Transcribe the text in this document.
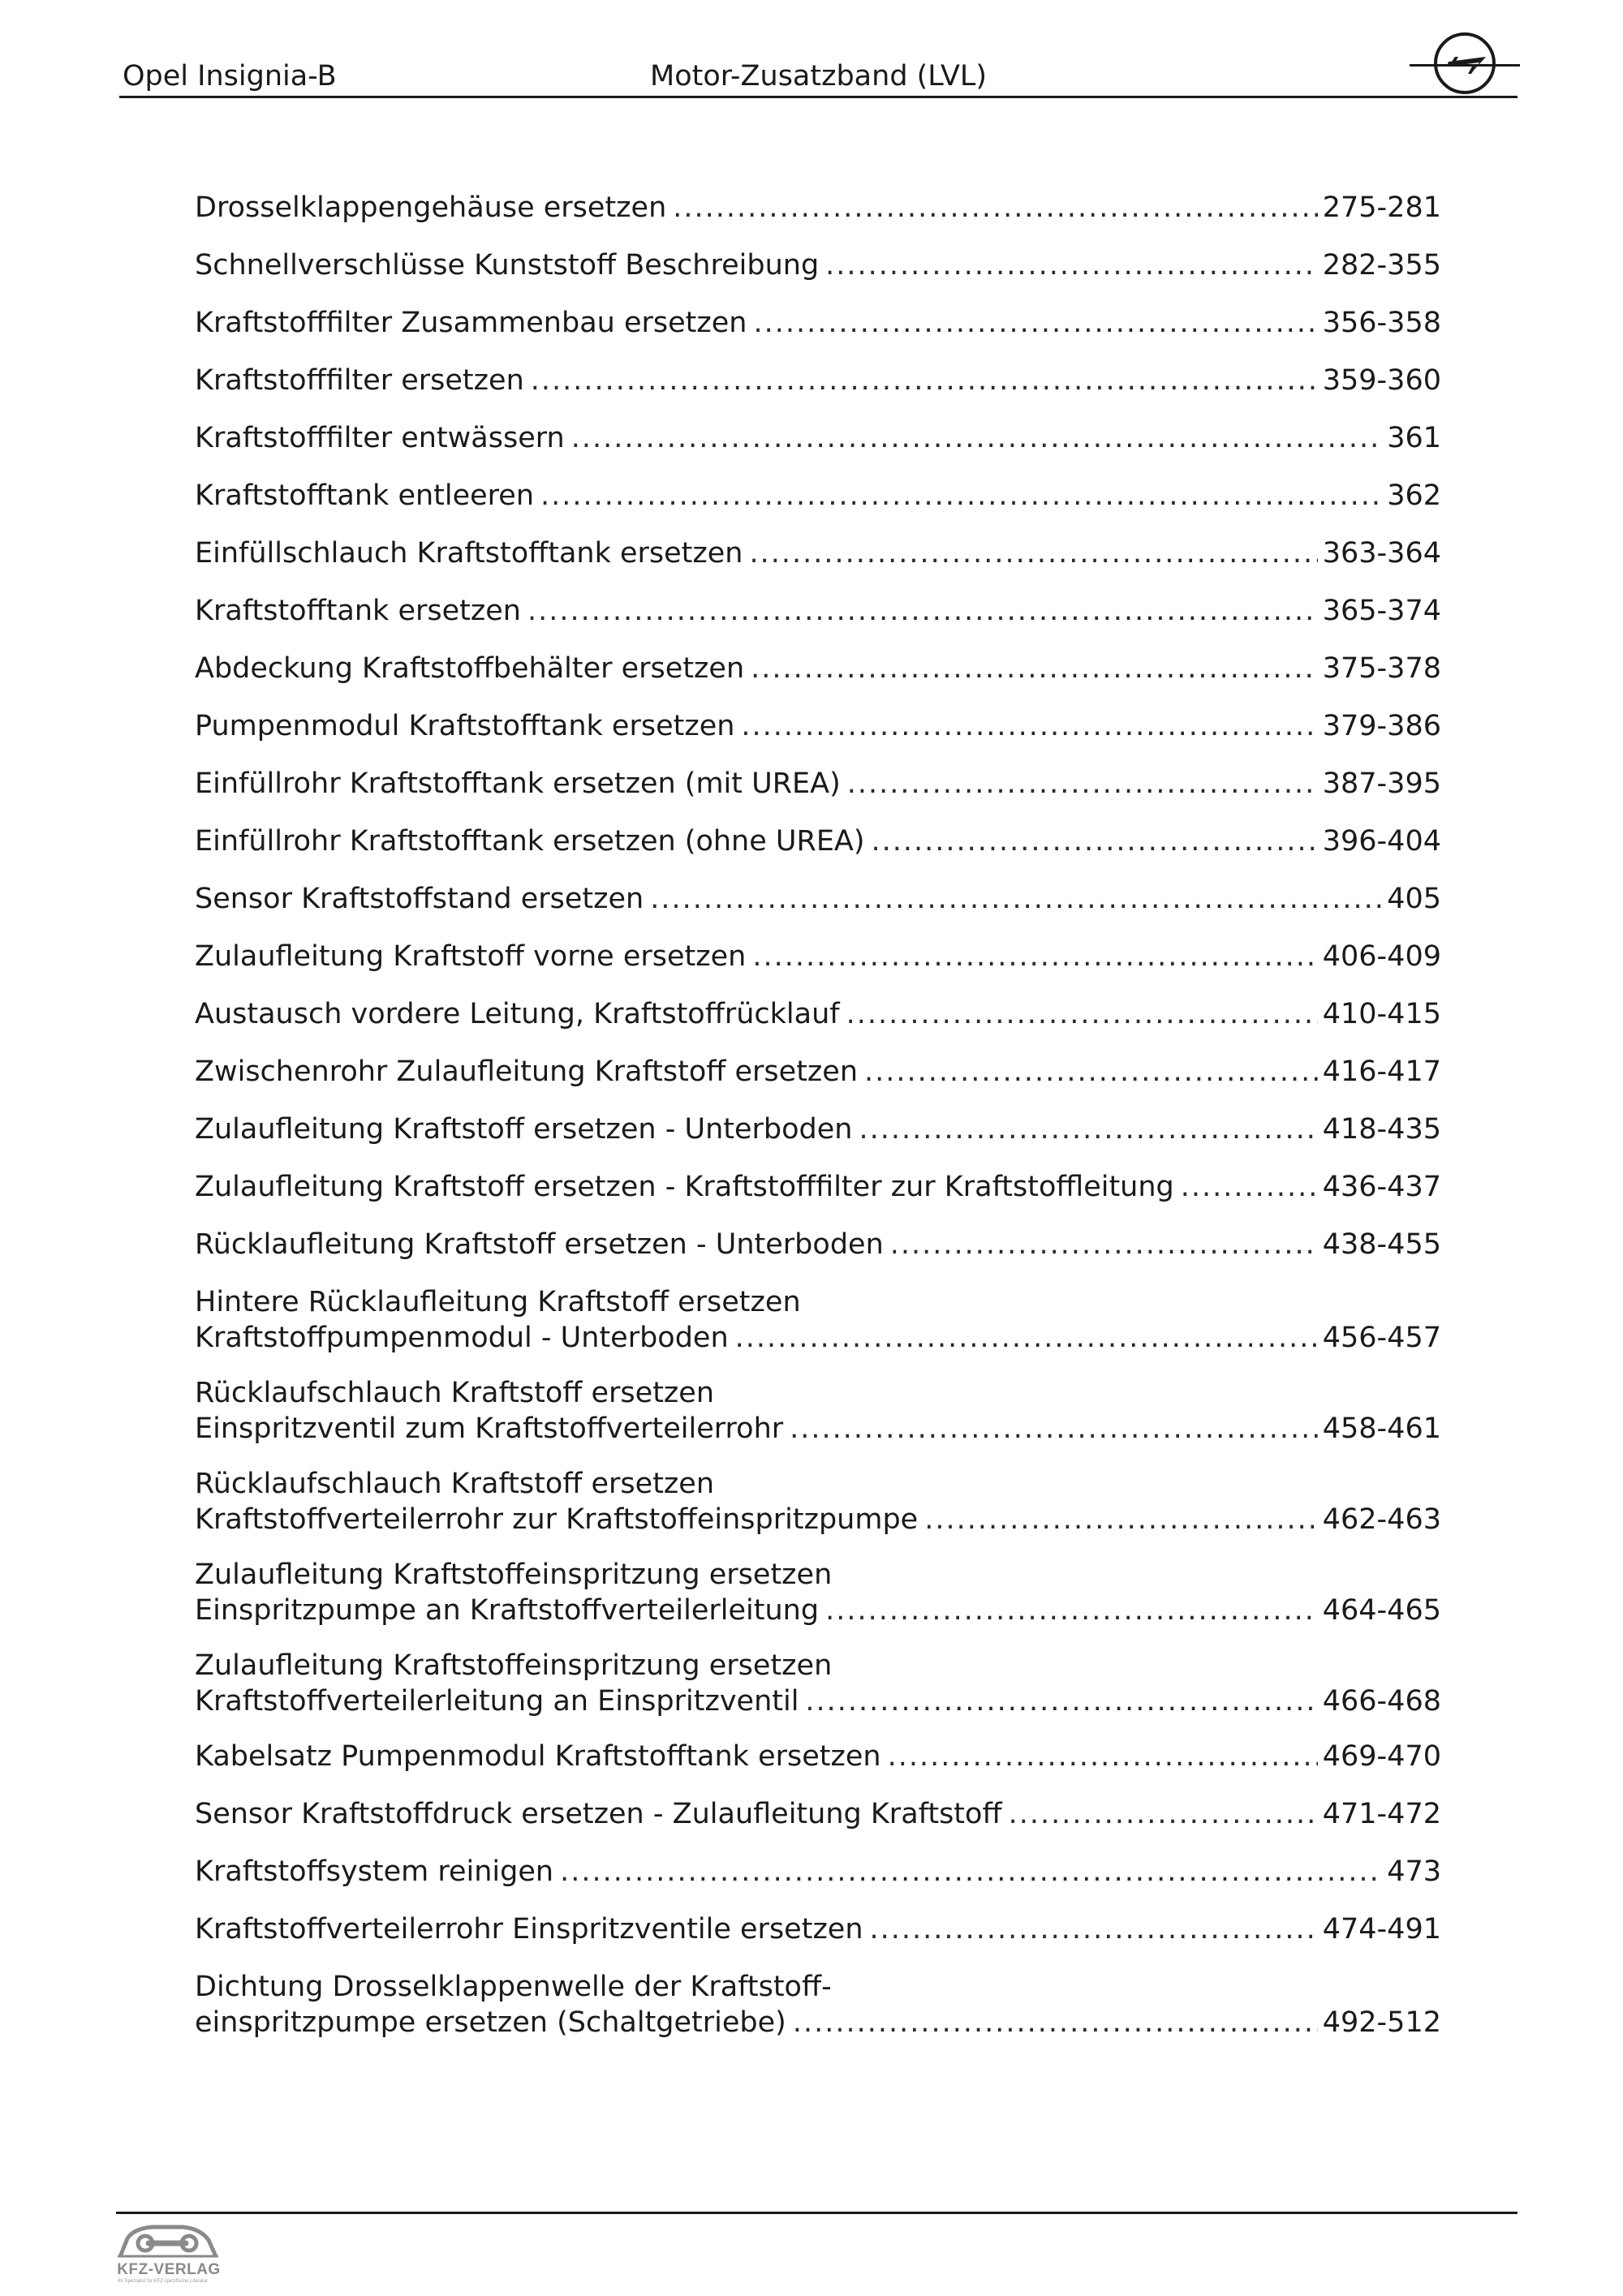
Opel Insignia-B	Motor-Zusatzband (LVL)
Drosselklappengehäuse ersetzen .....	275-281
Schnellverschlüsse Kunststoff Beschreibung .....	282-355
Kraftstofffilter Zusammenbau ersetzen .....	356-358
Kraftstofffilter ersetzen .....	359-360
Kraftstofffilter entwässern .....	361
Kraftstofftank entleeren .....	362
Einfüllschlauch Kraftstofftank ersetzen .....	363-364
Kraftstofftank ersetzen .....	365-374
Abdeckung Kraftstoffbehälter ersetzen .....	375-378
Pumpenmodul Kraftstofftank ersetzen .....	379-386
Einfüllrohr Kraftstofftank ersetzen (mit UREA) .....	387-395
Einfüllrohr Kraftstofftank ersetzen (ohne UREA) .....	396-404
Sensor Kraftstoffstand ersetzen .....	405
Zulaufleitung Kraftstoff vorne ersetzen .....	406-409
Austausch vordere Leitung, Kraftstoffrücklauf .....	410-415
Zwischenrohr Zulaufleitung Kraftstoff ersetzen .....	416-417
Zulaufleitung Kraftstoff ersetzen - Unterboden .....	418-435
Zulaufleitung Kraftstoff ersetzen - Kraftstofffilter zur Kraftstoffleitung .....	436-437
Rücklaufleitung Kraftstoff ersetzen - Unterboden .....	438-455
Hintere Rücklaufleitung Kraftstoff ersetzen
Kraftstoffpumpenmodul - Unterboden .....	456-457
Rücklaufschlauch Kraftstoff ersetzen
Einspritzventil zum Kraftstoffverteilerrohr .....	458-461
Rücklaufschlauch Kraftstoff ersetzen
Kraftstoffverteilerrohr zur Kraftstoffeinspritzpumpe .....	462-463
Zulaufleitung Kraftstoffeinspritzung ersetzen
Einspritzpumpe an Kraftstoffverteilerleitung .....	464-465
Zulaufleitung Kraftstoffeinspritzung ersetzen
Kraftstoffverteilerleitung an Einspritzventil .....	466-468
Kabelsatz Pumpenmodul Kraftstofftank ersetzen .....	469-470
Sensor Kraftstoffdruck ersetzen - Zulaufleitung Kraftstoff .....	471-472
Kraftstoffsystem reinigen .....	473
Kraftstoffverteilerrohr Einspritzventile ersetzen .....	474-491
Dichtung Drosselklappenwelle der Kraftstoff-
einspritzpumpe ersetzen (Schaltgetriebe) .....	492-512
KFZ-VERLAG
Ihr Spezialist für KFZ spezifische Literatur
